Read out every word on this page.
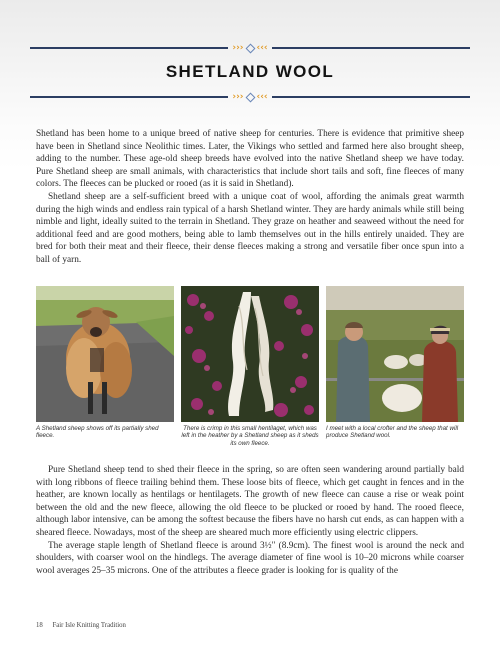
››› ‹‹‹
SHETLAND WOOL
››› ‹‹‹

Shetland has been home to a unique breed of native sheep for centuries. There is evidence that primitive sheep have been in Shetland since Neolithic times. Later, the Vikings who settled and farmed here also brought sheep, adding to the number. These age-old sheep breeds have evolved into the native Shetland sheep we have today. Pure Shetland sheep are small animals, with characteristics that include short tails and soft, fine fleeces of many colors. The fleeces can be plucked or rooed (as it is said in Shetland).

Shetland sheep are a self-sufficient breed with a unique coat of wool, affording the animals great warmth during the high winds and endless rain typical of a harsh Shetland winter. They are hardy animals while still being nimble and light, ideally suited to the terrain in Shetland. They graze on heather and seaweed without the need for additional feed and are good mothers, being able to lamb themselves out in the hills entirely unaided. They are bred for both their meat and their fleece, their dense fleeces making a strong and versatile fiber once spun into a ball of yarn.

A Shetland sheep shows off its partially shed fleece.
There is crimp in this small hentilaget, which was left in the heather by a Shetland sheep as it sheds its own fleece.
I meet with a local crofter and the sheep that will produce Shetland wool.

Pure Shetland sheep tend to shed their fleece in the spring, so are often seen wandering around partially bald with long ribbons of fleece trailing behind them. These loose bits of fleece, which get caught in fences and in the heather, are known locally as hentilags or hentilagets. The growth of new fleece can cause a rise or weak point between the old and the new fleece, allowing the old fleece to be plucked or rooed by hand. The rooed fleece, although labor intensive, can be among the softest because the fibers have no harsh cut ends, as can happen with a sheared fleece. Nowadays, most of the sheep are sheared much more efficiently using electric clippers.

The average staple length of Shetland fleece is around 3½" (8.9cm). The finest wool is around the neck and shoulders, with coarser wool on the hindlegs. The average diameter of fine wool is 10–20 microns while coarser wool averages 25–35 microns. One of the attributes a fleece grader is looking for is quality of the

18 Fair Isle Knitting Tradition
